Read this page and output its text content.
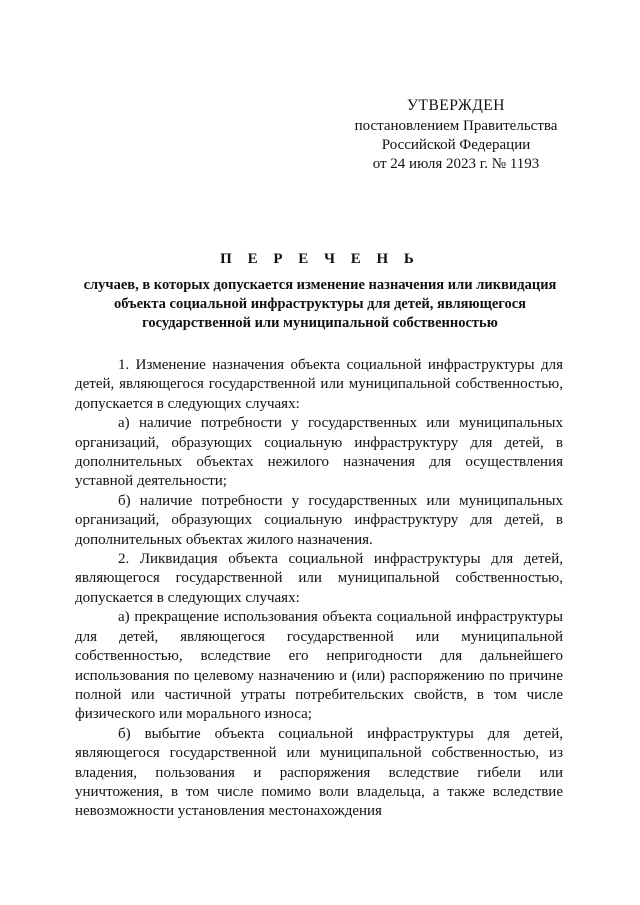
УТВЕРЖДЕН
постановлением Правительства
Российской Федерации
от 24 июля 2023 г. № 1193
П Е Р Е Ч Е Н Ь
случаев, в которых допускается изменение назначения или ликвидация объекта социальной инфраструктуры для детей, являющегося государственной или муниципальной собственностью

1. Изменение назначения объекта социальной инфраструктуры для детей, являющегося государственной или муниципальной собственностью, допускается в следующих случаях:

а) наличие потребности у государственных или муниципальных организаций, образующих социальную инфраструктуру для детей, в дополнительных объектах нежилого назначения для осуществления уставной деятельности;

б) наличие потребности у государственных или муниципальных организаций, образующих социальную инфраструктуру для детей, в дополнительных объектах жилого назначения.

2. Ликвидация объекта социальной инфраструктуры для детей, являющегося государственной или муниципальной собственностью, допускается в следующих случаях:

а) прекращение использования объекта социальной инфраструктуры для детей, являющегося государственной или муниципальной собственностью, вследствие его непригодности для дальнейшего использования по целевому назначению и (или) распоряжению по причине полной или частичной утраты потребительских свойств, в том числе физического или морального износа;

б) выбытие объекта социальной инфраструктуры для детей, являющегося государственной или муниципальной собственностью, из владения, пользования и распоряжения вследствие гибели или уничтожения, в том числе помимо воли владельца, а также вследствие невозможности установления местонахождения
